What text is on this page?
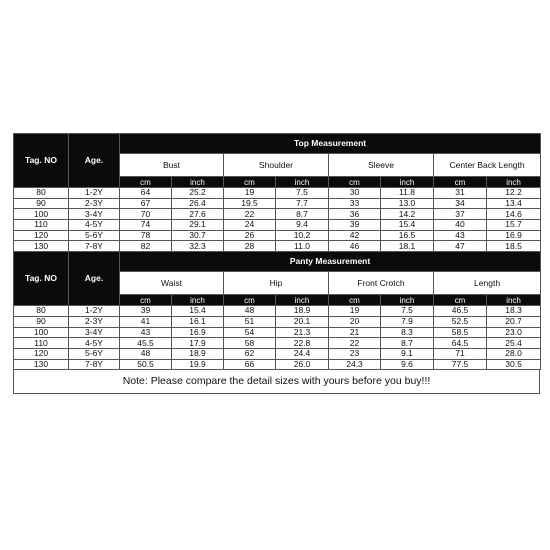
Tag. NO	Age.	Top Measurement							
		Bust		Shoulder		Sleeve		Center Back Length	
		cm	inch	cm	inch	cm	inch	cm	inch
80	1-2Y	64	25.2	19	7.5	30	11.8	31	12.2
90	2-3Y	67	26.4	19.5	7.7	33	13.0	34	13.4
100	3-4Y	70	27.6	22	8.7	36	14.2	37	14.6
110	4-5Y	74	29.1	24	9.4	39	15.4	40	15.7
120	5-6Y	78	30.7	26	10.2	42	16.5	43	16.9
130	7-8Y	82	32.3	28	11.0	46	18.1	47	18.5
Tag. NO	Age.	Panty Measurement							
		Waist		Hip		Front Crotch		Length	
		cm	inch	cm	inch	cm	inch	cm	inch
80	1-2Y	39	15.4	48	18.9	19	7.5	46.5	18.3
90	2-3Y	41	16.1	51	20.1	20	7.9	52.5	20.7
100	3-4Y	43	16.9	54	21.3	21	8.3	58.5	23.0
110	4-5Y	45.5	17.9	58	22.8	22	8.7	64.5	25.4
120	5-6Y	48	18.9	62	24.4	23	9.1	71	28.0
130	7-8Y	50.5	19.9	66	26.0	24.3	9.6	77.5	30.5
Note: Please compare the detail sizes with yours before you buy!!!
